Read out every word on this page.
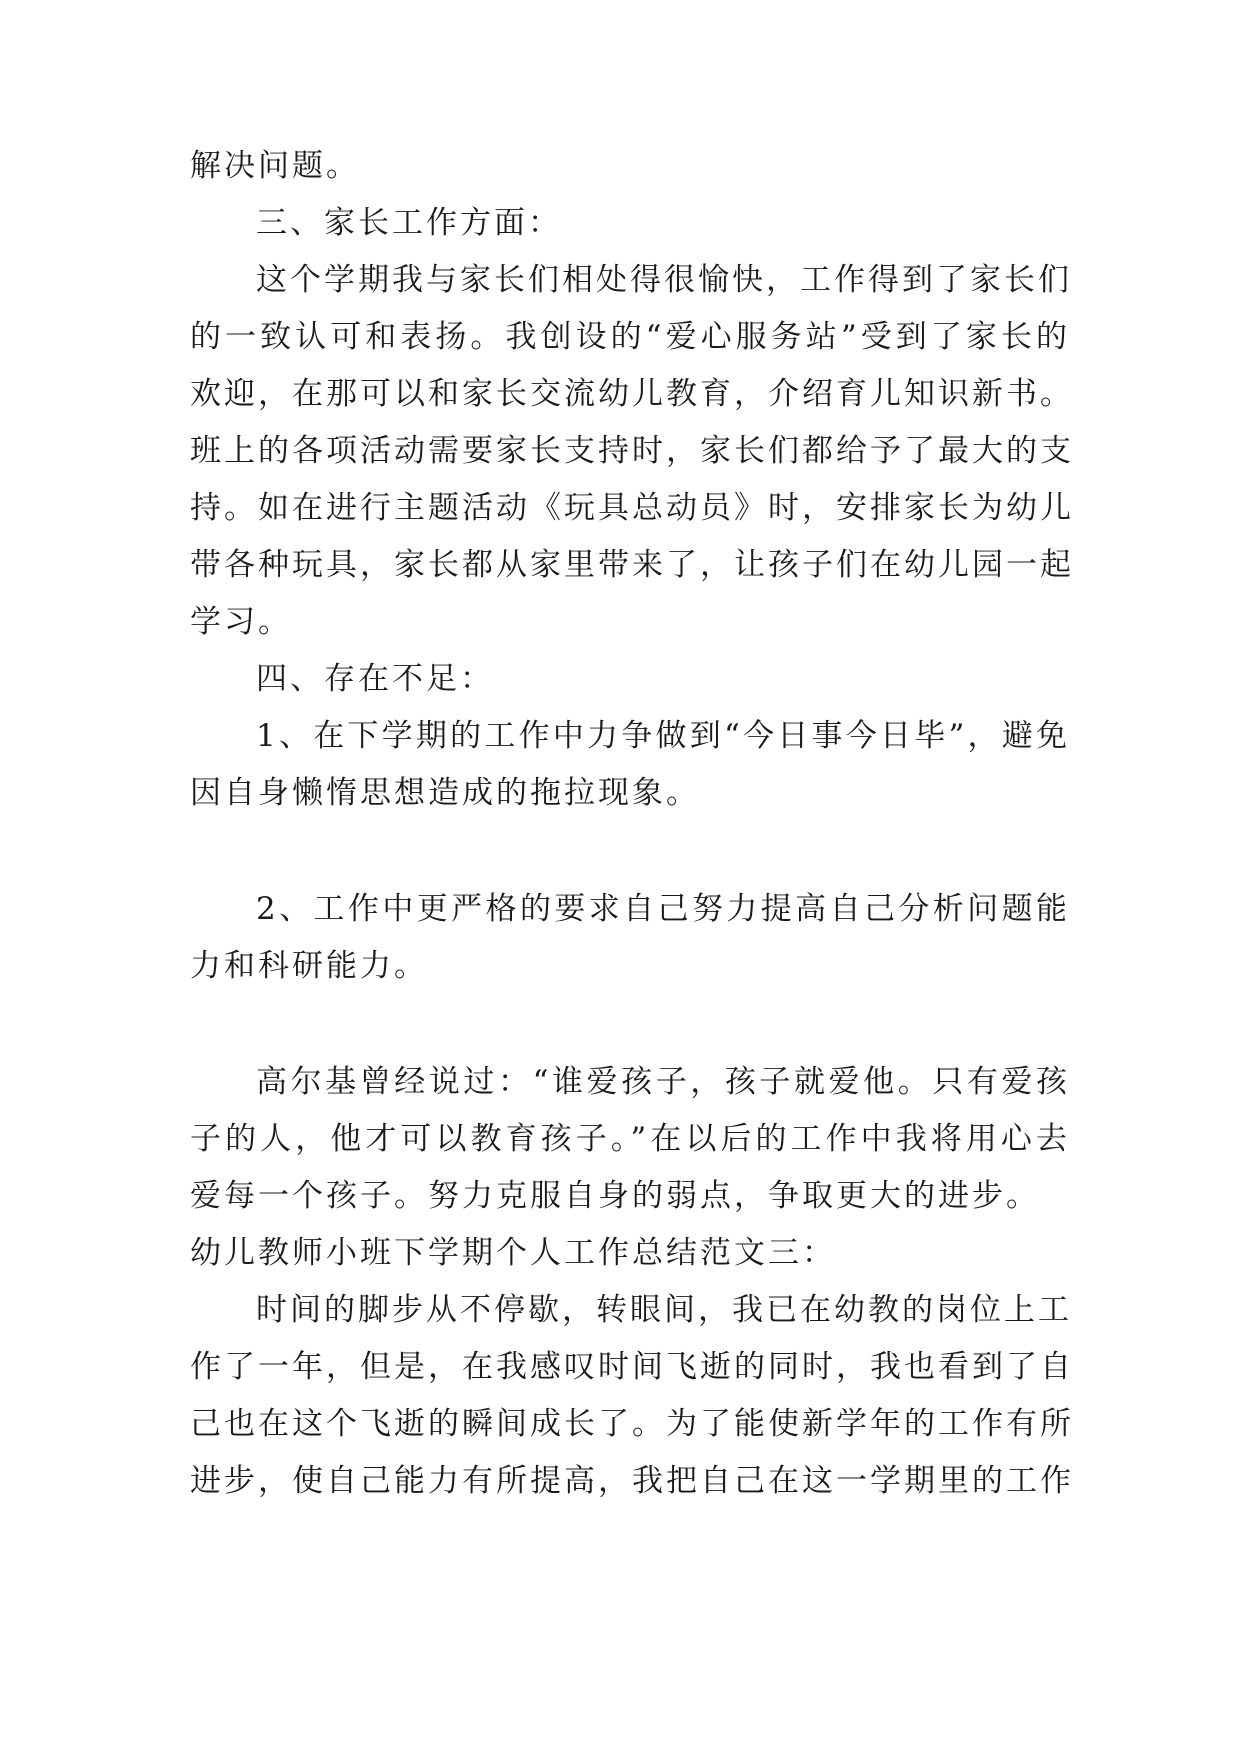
解决问题。
三、家长工作方面：
这个学期我与家长们相处得很愉快，工作得到了家长们
的一致认可和表扬。我创设的“爱心服务站”受到了家长的
欢迎，在那可以和家长交流幼儿教育，介绍育儿知识新书。
班上的各项活动需要家长支持时，家长们都给予了最大的支
持。如在进行主题活动《玩具总动员》时，安排家长为幼儿
带各种玩具，家长都从家里带来了，让孩子们在幼儿园一起
学习。
四、存在不足：
1、在下学期的工作中力争做到“今日事今日毕”，避免
因自身懒惰思想造成的拖拉现象。
2、工作中更严格的要求自己努力提高自己分析问题能
力和科研能力。
高尔基曾经说过：“谁爱孩子，孩子就爱他。只有爱孩
子的人，他才可以教育孩子。”在以后的工作中我将用心去
爱每一个孩子。努力克服自身的弱点，争取更大的进步。
幼儿教师小班下学期个人工作总结范文三：
时间的脚步从不停歇，转眼间，我已在幼教的岗位上工
作了一年，但是，在我感叹时间飞逝的同时，我也看到了自
己也在这个飞逝的瞬间成长了。为了能使新学年的工作有所
进步，使自己能力有所提高，我把自己在这一学期里的工作
